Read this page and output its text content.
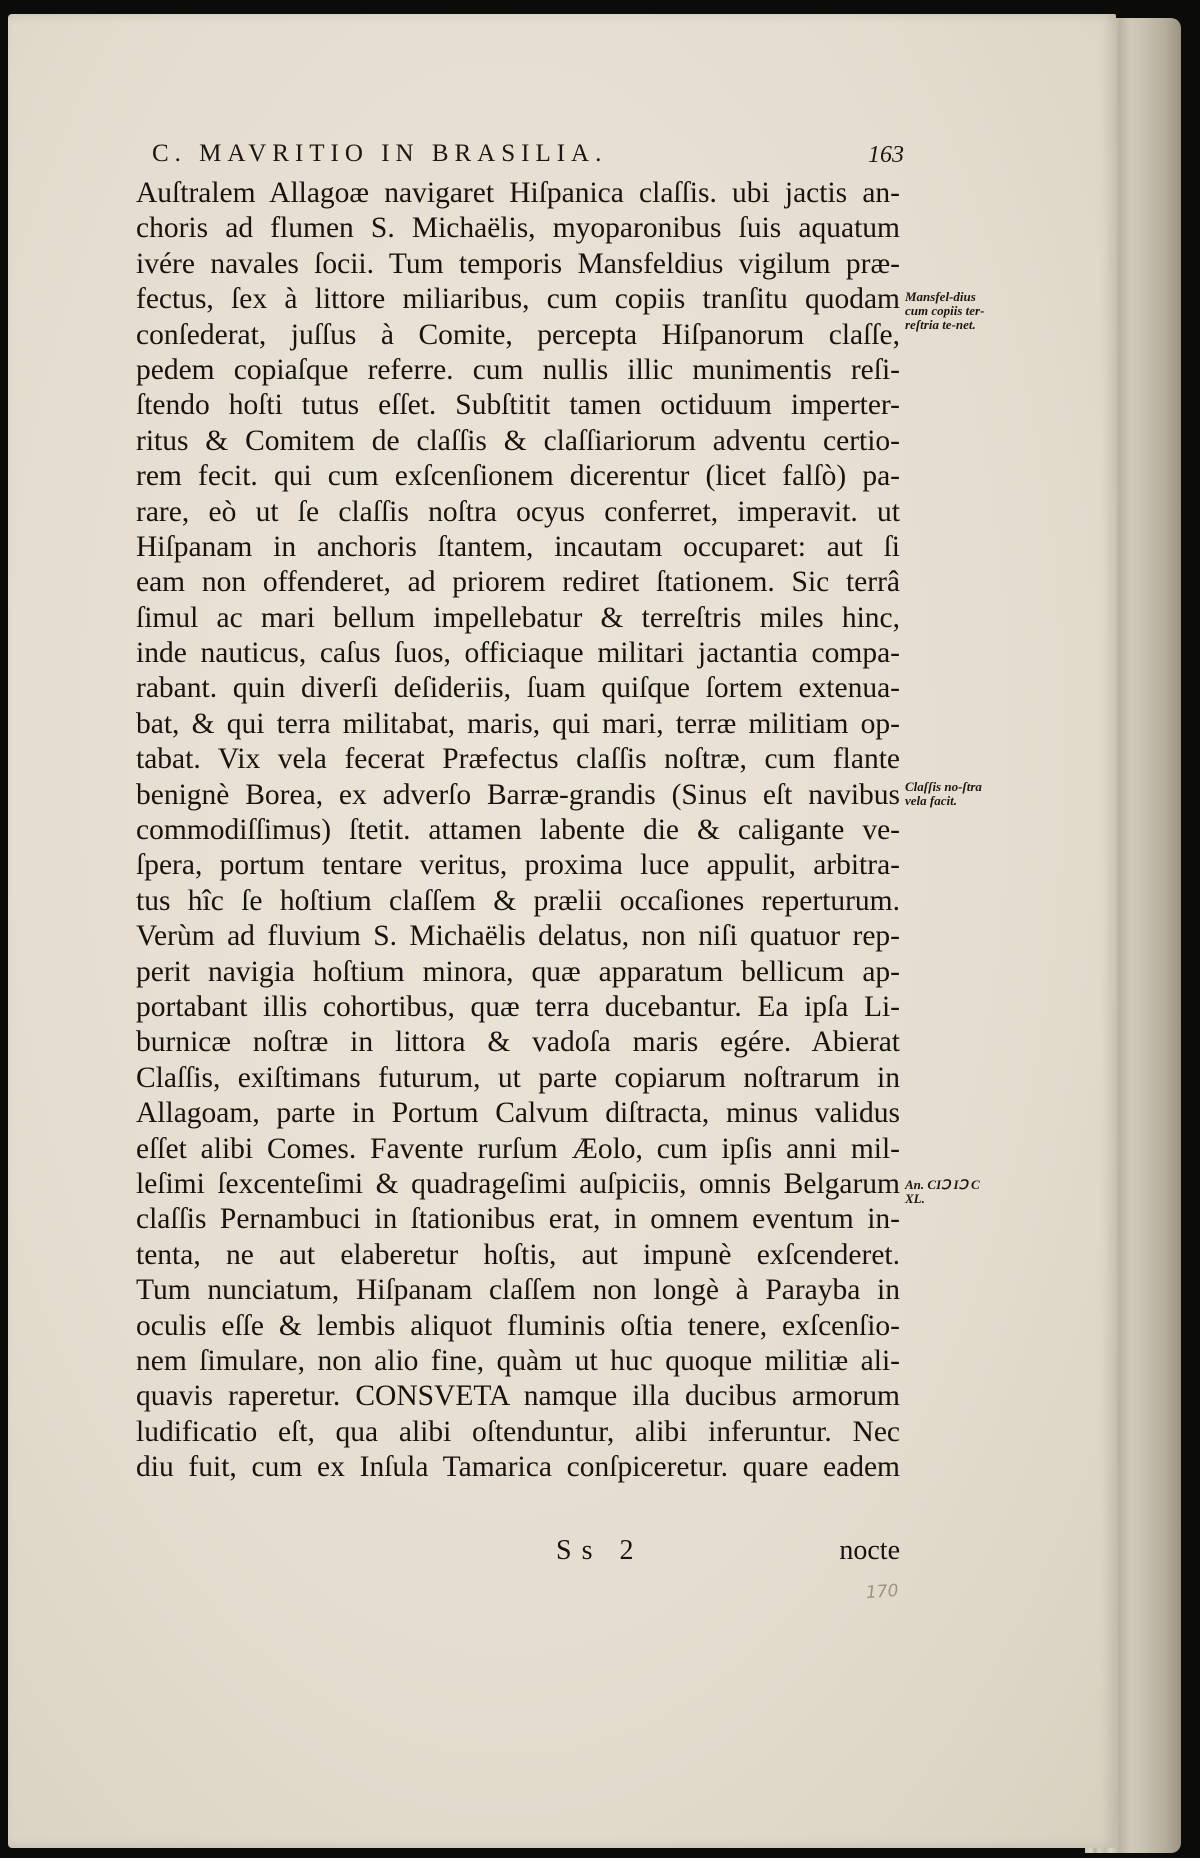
C. MAVRITIO IN BRASILIA.	163
Auſtralem Allagoæ navigaret Hiſpanica claſſis. ubi jactis an-
choris ad flumen S. Michaëlis, myoparonibus ſuis aquatum
ivére navales ſocii. Tum temporis Mansfeldius vigilum præ-
fectus, ſex à littore miliaribus, cum copiis tranſitu quodam
conſederat, juſſus à Comite, percepta Hiſpanorum claſſe,
pedem copiaſque referre. cum nullis illic munimentis reſi-
ſtendo hoſti tutus eſſet. Subſtitit tamen octiduum imperter-
ritus & Comitem de claſſis & claſſiariorum adventu certio-
rem fecit. qui cum exſcenſionem dicerentur (licet falſò) pa-
rare, eò ut ſe claſſis noſtra ocyus conferret, imperavit. ut
Hiſpanam in anchoris ſtantem, incautam occuparet: aut ſi
eam non offenderet, ad priorem rediret ſtationem. Sic terrâ
ſimul ac mari bellum impellebatur & terreſtris miles hinc,
inde nauticus, caſus ſuos, officiaque militari jactantia compa-
rabant. quin diverſi deſideriis, ſuam quiſque ſortem extenua-
bat, & qui terra militabat, maris, qui mari, terræ militiam op-
tabat. Vix vela fecerat Præfectus claſſis noſtræ, cum flante
benignè Borea, ex adverſo Barræ-grandis (Sinus eſt navibus
commodiſſimus) ſtetit. attamen labente die & caligante ve-
ſpera, portum tentare veritus, proxima luce appulit, arbitra-
tus hîc ſe hoſtium claſſem & prælii occaſiones reperturum.
Verùm ad fluvium S. Michaëlis delatus, non niſi quatuor rep-
perit navigia hoſtium minora, quæ apparatum bellicum ap-
portabant illis cohortibus, quæ terra ducebantur. Ea ipſa Li-
burnicæ noſtræ in littora & vadoſa maris egére. Abierat
Claſſis, exiſtimans futurum, ut parte copiarum noſtrarum in
Allagoam, parte in Portum Calvum diſtracta, minus validus
eſſet alibi Comes. Favente rurſum Æolo, cum ipſis anni mil-
leſimi ſexcenteſimi & quadrageſimi auſpiciis, omnis Belgarum
claſſis Pernambuci in ſtationibus erat, in omnem eventum in-
tenta, ne aut elaberetur hoſtis, aut impunè exſcenderet.
Tum nunciatum, Hiſpanam claſſem non longè à Parayba in
oculis eſſe & lembis aliquot fluminis oſtia tenere, exſcenſio-
nem ſimulare, non alio fine, quàm ut huc quoque militiæ ali-
quavis raperetur. CONSVETA namque illa ducibus armorum
ludificatio eſt, qua alibi oſtenduntur, alibi inferuntur. Nec
diu fuit, cum ex Inſula Tamarica conſpiceretur. quare eadem
Mansfel-dius cum copiis ter-reſtria te-net.
Claſſis no-ſtra vela facit.
An. CIↃ IↃ C XL.
Ss 2	nocte
170
